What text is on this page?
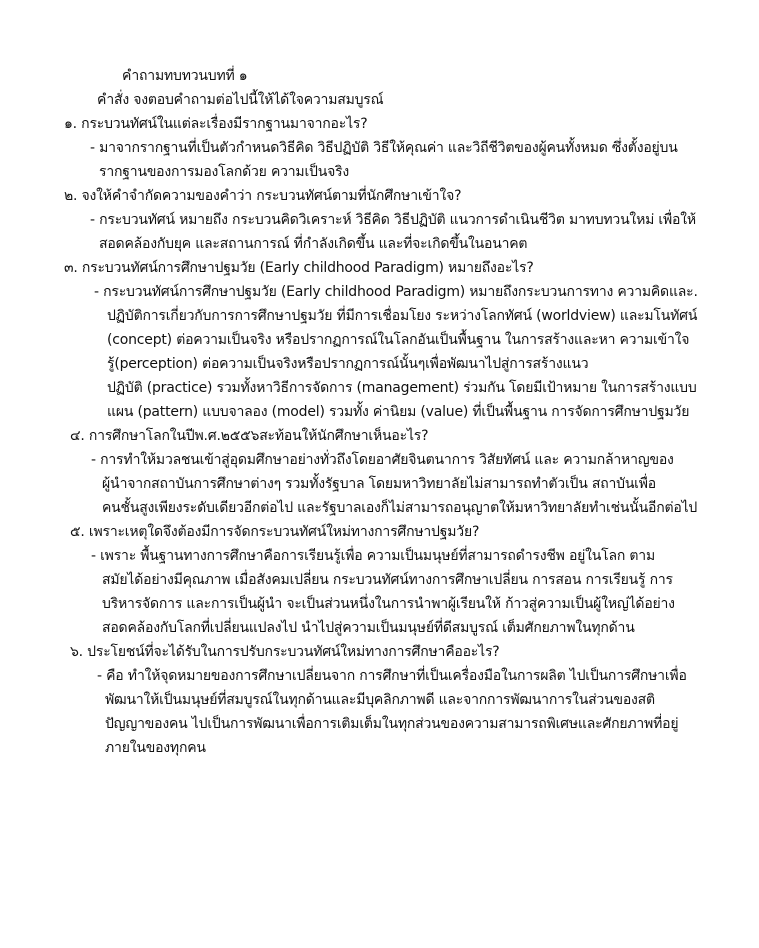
คำถามทบทวนบทที่ ๑
คำสั่ง จงตอบคำถามต่อไปนี้ให้ได้ใจความสมบูรณ์
๑. กระบวนทัศน์ในแต่ละเรื่องมีรากฐานมาจากอะไร?
- มาจากรากฐานที่เป็นตัวกำหนดวิธีคิด วิธีปฏิบัติ วิธีให้คุณค่า และวิถีชีวิตของผู้คนทั้งหมด ซึ่งตั้งอยู่บน
รากฐานของการมองโลกด้วย ความเป็นจริง
๒. จงให้คำจำกัดความของคำว่า กระบวนทัศน์ตามที่นักศึกษาเข้าใจ?
- กระบวนทัศน์ หมายถึง กระบวนคิดวิเคราะห์ วิธีคิด วิธีปฏิบัติ แนวการดำเนินชีวิต มาทบทวนใหม่ เพื่อให้
สอดคล้องกับยุค และสถานการณ์ ที่กำลังเกิดขึ้น และที่จะเกิดขึ้นในอนาคต
๓. กระบวนทัศน์การศึกษาปฐมวัย (Early childhood Paradigm) หมายถึงอะไร?
- กระบวนทัศน์การศึกษาปฐมวัย (Early childhood Paradigm) หมายถึงกระบวนการทาง ความคิดและ.
ปฏิบัติการเกี่ยวกับการการศึกษาปฐมวัย ที่มีการเชื่อมโยง ระหว่างโลกทัศน์ (worldview) และมโนทัศน์
(concept) ต่อความเป็นจริง หรือปรากฏการณ์ในโลกอันเป็นพื้นฐาน ในการสร้างและหา ความเข้าใจ
รู้(perception) ต่อความเป็นจริงหรือปรากฏการณ์นั้นๆเพื่อพัฒนาไปสู่การสร้างแนว
ปฏิบัติ (practice) รวมทั้งหาวิธีการจัดการ (management) ร่วมกัน โดยมีเป้าหมาย ในการสร้างแบบ
แผน (pattern) แบบจาลอง (model) รวมทั้ง ค่านิยม (value) ที่เป็นพื้นฐาน การจัดการศึกษาปฐมวัย
๔. การศึกษาโลกในปีพ.ศ.๒๕๕๖สะท้อนให้นักศึกษาเห็นอะไร?
- การทำให้มวลชนเข้าสู่อุดมศึกษาอย่างทั่วถึงโดยอาศัยจินตนาการ วิสัยทัศน์ และ ความกล้าหาญของ
ผู้นำจากสถาบันการศึกษาต่างๆ รวมทั้งรัฐบาล โดยมหาวิทยาลัยไม่สามารถทำตัวเป็น สถาบันเพื่อ
คนชั้นสูงเพียงระดับเดียวอีกต่อไป และรัฐบาลเองก็ไม่สามารถอนุญาตให้มหาวิทยาลัยทำเช่นนั้นอีกต่อไป
๕. เพราะเหตุใดจึงต้องมีการจัดกระบวนทัศน์ใหม่ทางการศึกษาปฐมวัย?
- เพราะ พื้นฐานทางการศึกษาคือการเรียนรู้เพื่อ ความเป็นมนุษย์ที่สามารถดำรงชีพ อยู่ในโลก ตาม
สมัยได้อย่างมีคุณภาพ เมื่อสังคมเปลี่ยน กระบวนทัศน์ทางการศึกษาเปลี่ยน การสอน การเรียนรู้ การ
บริหารจัดการ และการเป็นผู้นำ จะเป็นส่วนหนึ่งในการนำพาผู้เรียนให้ ก้าวสู่ความเป็นผู้ใหญ่ได้อย่าง
สอดคล้องกับโลกที่เปลี่ยนแปลงไป นำไปสู่ความเป็นมนุษย์ที่ดีสมบูรณ์ เต็มศักยภาพในทุกด้าน
๖. ประโยชน์ที่จะได้รับในการปรับกระบวนทัศน์ใหม่ทางการศึกษาคืออะไร?
- คือ ทำให้จุดหมายของการศึกษาเปลี่ยนจาก การศึกษาที่เป็นเครื่องมือในการผลิต ไปเป็นการศึกษาเพื่อ
พัฒนาให้เป็นมนุษย์ที่สมบูรณ์ในทุกด้านและมีบุคลิกภาพดี และจากการพัฒนาการในส่วนของสติ
ปัญญาของคน ไปเป็นการพัฒนาเพื่อการเติมเต็มในทุกส่วนของความสามารถพิเศษและศักยภาพที่อยู่
ภายในของทุกคน
